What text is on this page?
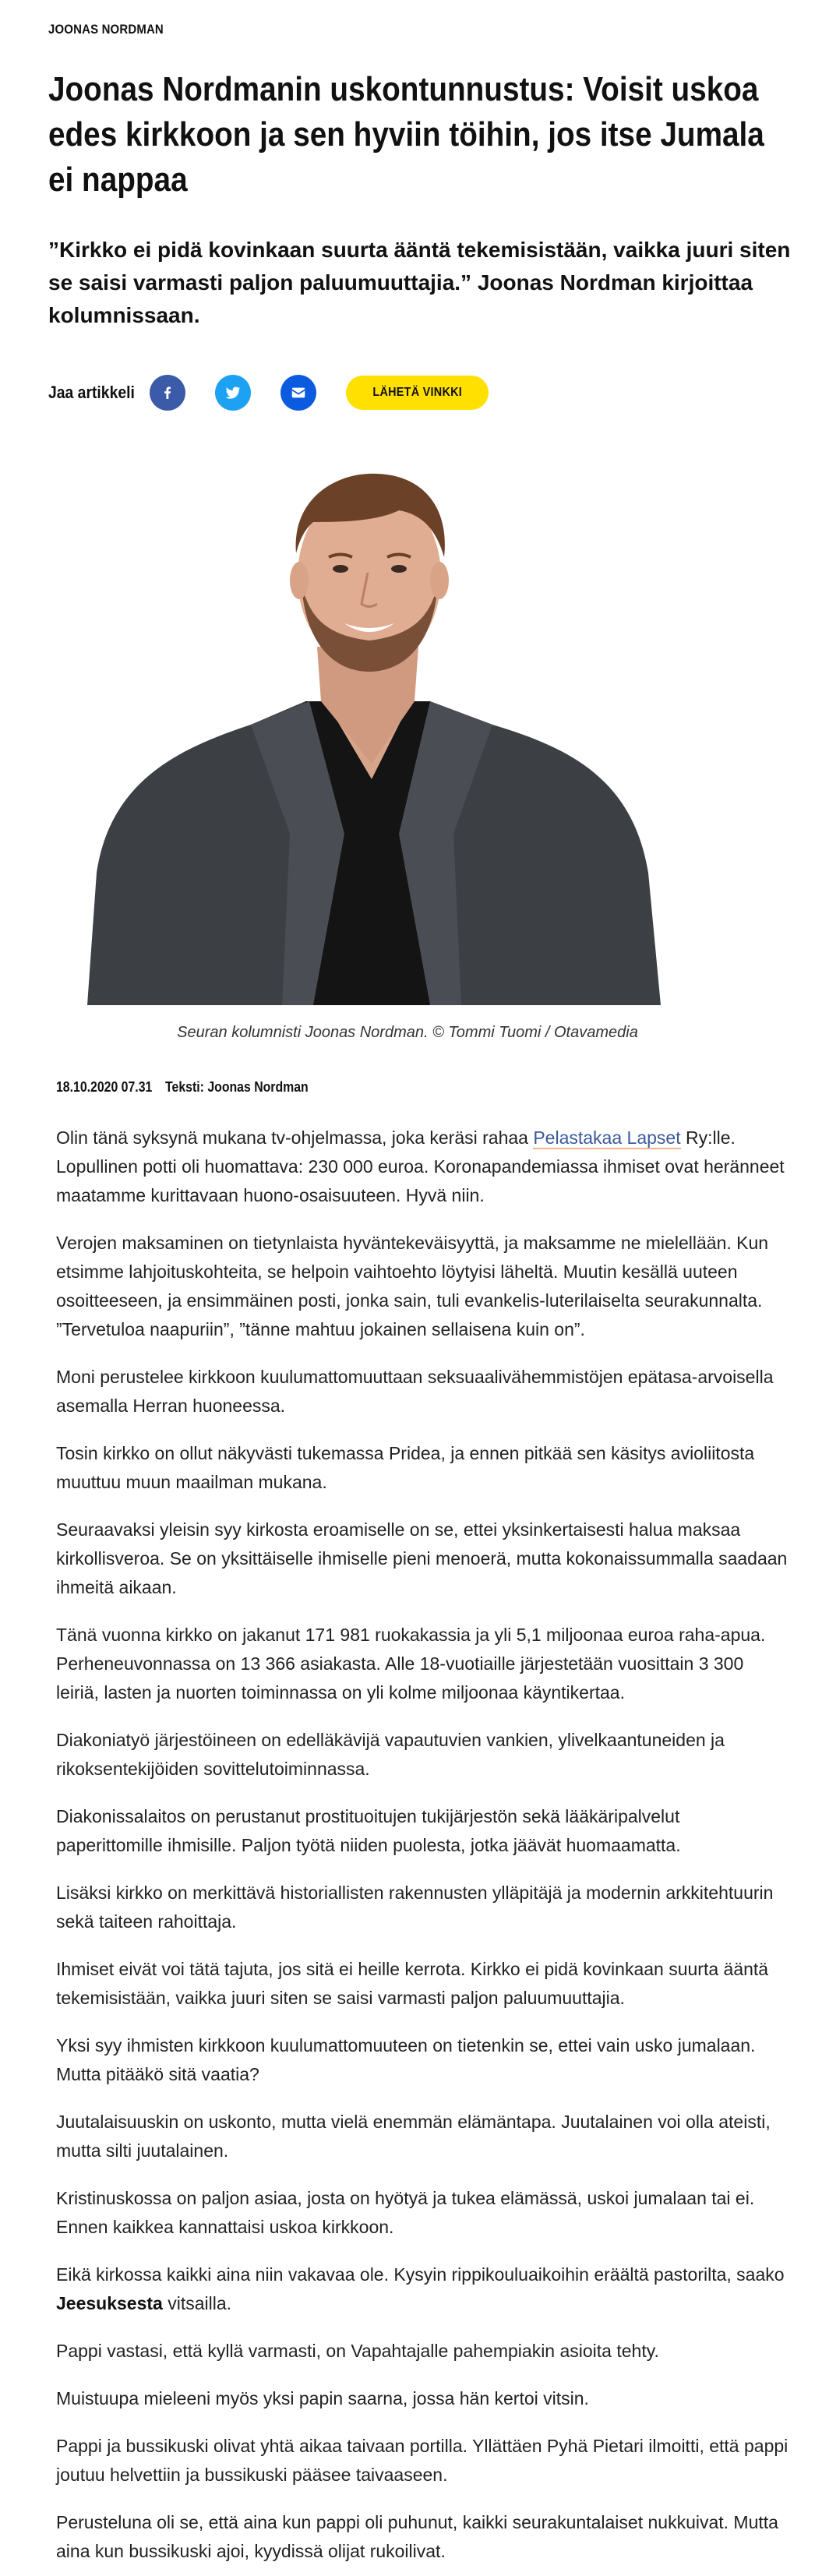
JOONAS NORDMAN
Joonas Nordmanin uskontunnustus: Voisit uskoa edes kirkkoon ja sen hyviin töihin, jos itse Jumala ei nappaa

”Kirkko ei pidä kovinkaan suurta ääntä tekemisistään, vaikka juuri siten se saisi varmasti paljon paluumuuttajia.” Joonas Nordman kirjoittaa kolumnissaan.

Jaa artikkeli	LÄHETÄ VINKKI
Seuran kolumnisti Joonas Nordman. © Tommi Tuomi / Otavamedia
18.10.2020 07.31 Teksti: Joonas Nordman

Olin tänä syksynä mukana tv-ohjelmassa, joka keräsi rahaa Pelastakaa Lapset Ry:lle. Lopullinen potti oli huomattava: 230 000 euroa. Koronapandemiassa ihmiset ovat heränneet maatamme kurittavaan huono-osaisuuteen. Hyvä niin.

Verojen maksaminen on tietynlaista hyväntekeväisyyttä, ja maksamme ne mielellään. Kun etsimme lahjoituskohteita, se helpoin vaihtoehto löytyisi läheltä. Muutin kesällä uuteen osoitteeseen, ja ensimmäinen posti, jonka sain, tuli evankelis-luterilaiselta seurakunnalta. ”Tervetuloa naapuriin”, ”tänne mahtuu jokainen sellaisena kuin on”.

Moni perustelee kirkkoon kuulumattomuuttaan seksuaalivähemmistöjen epätasa-arvoisella asemalla Herran huoneessa.

Tosin kirkko on ollut näkyvästi tukemassa Pridea, ja ennen pitkää sen käsitys avioliitosta muuttuu muun maailman mukana.

Seuraavaksi yleisin syy kirkosta eroamiselle on se, ettei yksinkertaisesti halua maksaa kirkollisveroa. Se on yksittäiselle ihmiselle pieni menoerä, mutta kokonaissummalla saadaan ihmeitä aikaan.

Tänä vuonna kirkko on jakanut 171 981 ruokakassia ja yli 5,1 miljoonaa euroa raha-apua. Perheneuvonnassa on 13 366 asiakasta. Alle 18-vuotiaille järjestetään vuosittain 3 300 leiriä, lasten ja nuorten toiminnassa on yli kolme miljoonaa käyntikertaa.

Diakoniatyö järjestöineen on edelläkävijä vapautuvien vankien, ylivelkaantuneiden ja rikoksentekijöiden sovittelutoiminnassa.

Diakonissalaitos on perustanut prostituoitujen tukijärjestön sekä lääkäripalvelut paperittomille ihmisille. Paljon työtä niiden puolesta, jotka jäävät huomaamatta.

Lisäksi kirkko on merkittävä historiallisten rakennusten ylläpitäjä ja modernin arkkitehtuurin sekä taiteen rahoittaja.

Ihmiset eivät voi tätä tajuta, jos sitä ei heille kerrota. Kirkko ei pidä kovinkaan suurta ääntä tekemisistään, vaikka juuri siten se saisi varmasti paljon paluumuuttajia.

Yksi syy ihmisten kirkkoon kuulumattomuuteen on tietenkin se, ettei vain usko jumalaan. Mutta pitääkö sitä vaatia?

Juutalaisuuskin on uskonto, mutta vielä enemmän elämäntapa. Juutalainen voi olla ateisti, mutta silti juutalainen.

Kristinuskossa on paljon asiaa, josta on hyötyä ja tukea elämässä, uskoi jumalaan tai ei. Ennen kaikkea kannattaisi uskoa kirkkoon.

Eikä kirkossa kaikki aina niin vakavaa ole. Kysyin rippikouluaikoihin eräältä pastorilta, saako Jeesuksesta vitsailla.

Pappi vastasi, että kyllä varmasti, on Vapahtajalle pahempiakin asioita tehty.

Muistuupa mieleeni myös yksi papin saarna, jossa hän kertoi vitsin.

Pappi ja bussikuski olivat yhtä aikaa taivaan portilla. Yllättäen Pyhä Pietari ilmoitti, että pappi joutuu helvettiin ja bussikuski pääsee taivaaseen.

Perusteluna oli se, että aina kun pappi oli puhunut, kaikki seurakuntalaiset nukkuivat. Mutta aina kun bussikuski ajoi, kyydissä olijat rukoilivat.
